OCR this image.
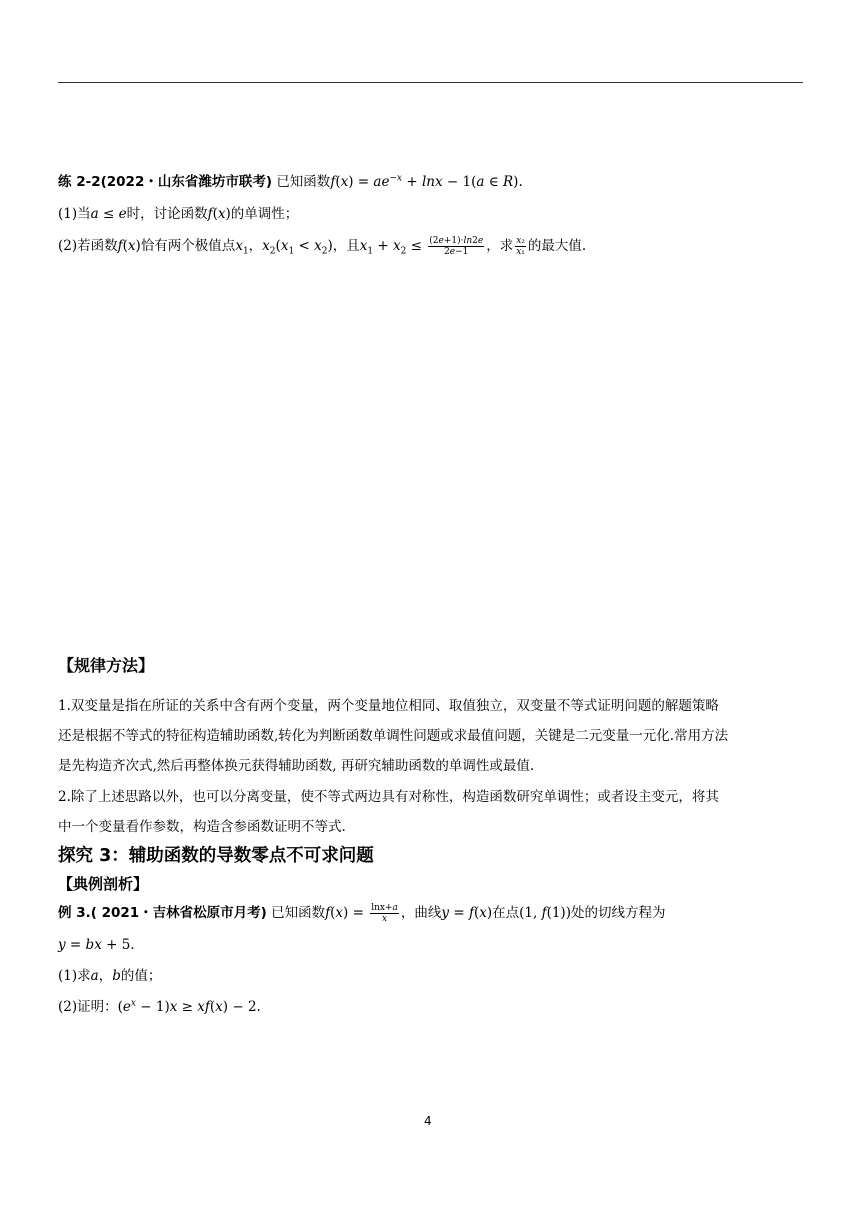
练 2-2(2022・山东省潍坊市联考) 已知函数$f(x) = ae^{-x} + \ln x - 1(a$ ∈ R).
(1)当a ≤ e时，讨论函数f(x)的单调性；
(2)若函数f(x)恰有两个极值点$x_1$，$x_2(x_1 < x_2)$，且$x_1 + x_2 \le \frac{(2e+1)\cdot\ln 2e}{2e-1}$ ，求 $\frac{\text{x₂}}{\text{x₁}}$ 的最大值.
【规律方法】
1.双变量是指在所证的关系中含有两个变量，两个变量地位相同、取值独立，双变量不等式证明问题的解题策略
还是根据不等式的特征构造辅助函数,转化为判断函数单调性问题或求最值问题，关键是二元变量一元化.常用方法
是先构造齐次式,然后再整体换元获得辅助函数, 再研究辅助函数的单调性或最值.
2.除了上述思路以外，也可以分离变量，使不等式两边具有对称性，构造函数研究单调性；或者设主变元，将其
中一个变量看作参数，构造含参函数证明不等式.
探究 3：辅助函数的导数零点不可求问题
【典例剖析】
例 3.( 2021・吉林省松原市月考) 已知函数$f(x) = \frac{\ln x+a}{x}$ ，曲线y = f(x)在点(1, f(1))处的切线方程为
y = bx + 5.
(1)求a，b的值；
(2)证明：$(e^x - 1)x \ge xf(x) - 2$.
4
